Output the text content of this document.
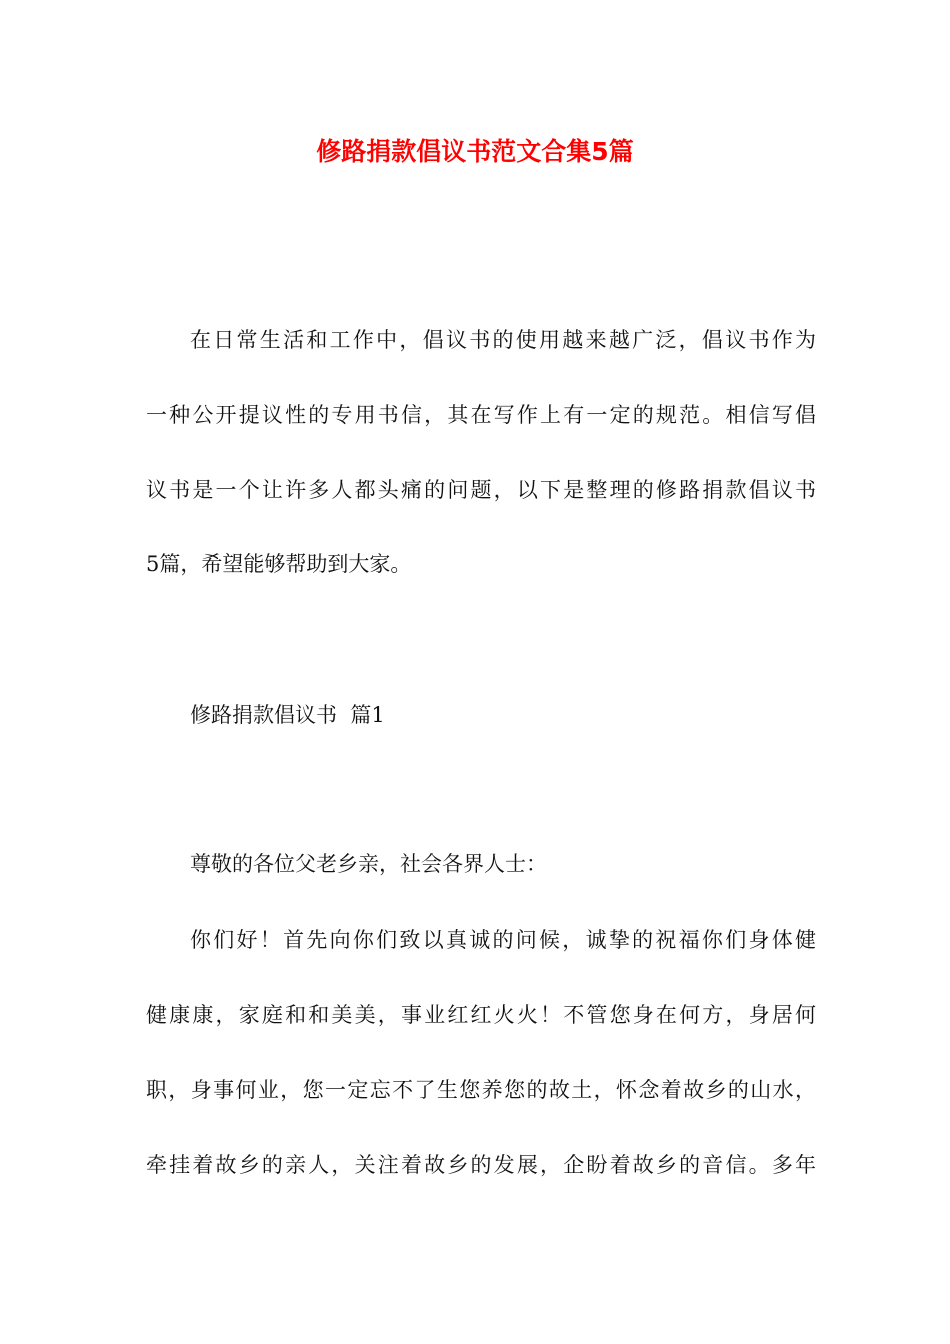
修路捐款倡议书范文合集5篇

在日常生活和工作中，倡议书的使用越来越广泛，倡议书作为

一种公开提议性的专用书信，其在写作上有一定的规范。相信写倡

议书是一个让许多人都头痛的问题，以下是整理的修路捐款倡议书

5篇，希望能够帮助到大家。

修路捐款倡议书  篇1

尊敬的各位父老乡亲，社会各界人士：

你们好！首先向你们致以真诚的问候，诚挚的祝福你们身体健

健康康，家庭和和美美，事业红红火火！不管您身在何方，身居何

职，身事何业，您一定忘不了生您养您的故土，怀念着故乡的山水，

牵挂着故乡的亲人，关注着故乡的发展，企盼着故乡的音信。多年
